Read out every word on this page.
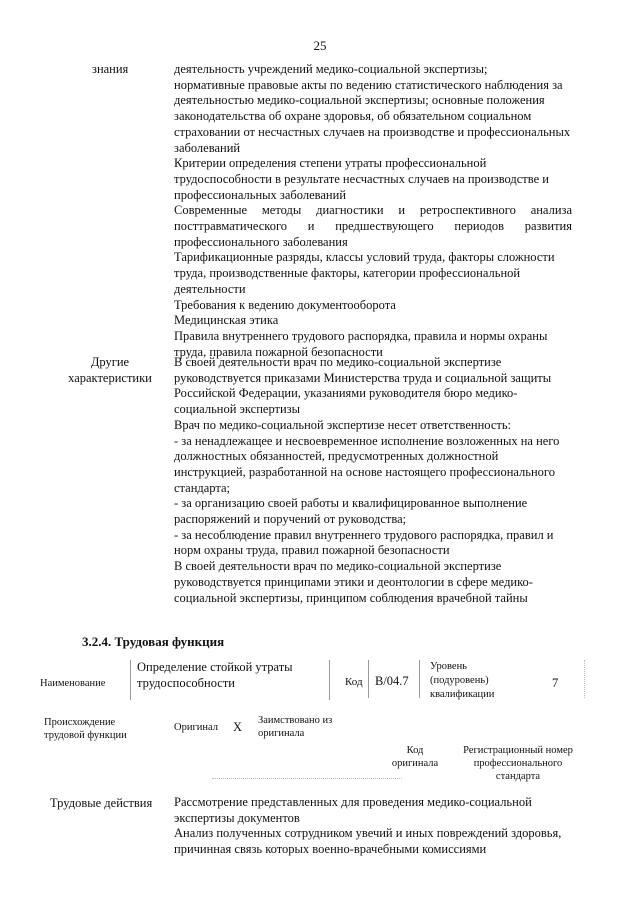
25
знания	деятельность учреждений медико-социальной экспертизы;

нормативные правовые акты по ведению статистического наблюдения за деятельностью медико-социальной экспертизы; основные положения законодательства об охране здоровья, об обязательном социальном страховании от несчастных случаев на производстве и профессиональных заболеваний

Критерии определения степени утраты профессиональной трудоспособности в результате несчастных случаев на производстве и профессиональных заболеваний

Современные методы диагностики и ретроспективного анализа посттравматического и предшествующего периодов развития профессионального заболевания

Тарификационные разряды, классы условий труда, факторы сложности труда, производственные факторы, категории профессиональной деятельности

Требования к ведению документооборота

Медицинская этика

Правила внутреннего трудового распорядка, правила и нормы охраны труда, правила пожарной безопасности

Другие характеристики

В своей деятельности врач по медико-социальной экспертизе руководствуется приказами Министерства труда и социальной защиты Российской Федерации, указаниями руководителя бюро медико-социальной экспертизы

Врач по медико-социальной экспертизе несет ответственность:

- за ненадлежащее и несвоевременное исполнение возложенных на него должностных обязанностей, предусмотренных должностной инструкцией, разработанной на основе настоящего профессионального стандарта;

- за организацию своей работы и квалифицированное выполнение распоряжений и поручений от руководства;

- за несоблюдение правил внутреннего трудового распорядка, правил и норм охраны труда, правил пожарной безопасности

В своей деятельности врач по медико-социальной экспертизе руководствуется принципами этики и деонтологии в сфере медико-социальной экспертизы, принципом соблюдения врачебной тайны

3.2.4. Трудовая функция
Наименование
Определение стойкой утраты трудоспособности	Код B/04.7
Уровень (подуровень) квалификации
7
Происхождение трудовой функции
Оригинал X Заимствовано из оригинала
Код оригинала
Регистрационный номер профессионального стандарта
Трудовые действия Рассмотрение представленных для проведения медико-социальной экспертизы документов

Анализ полученных сотрудником увечий и иных повреждений здоровья, причинная связь которых военно-врачебными комиссиями
